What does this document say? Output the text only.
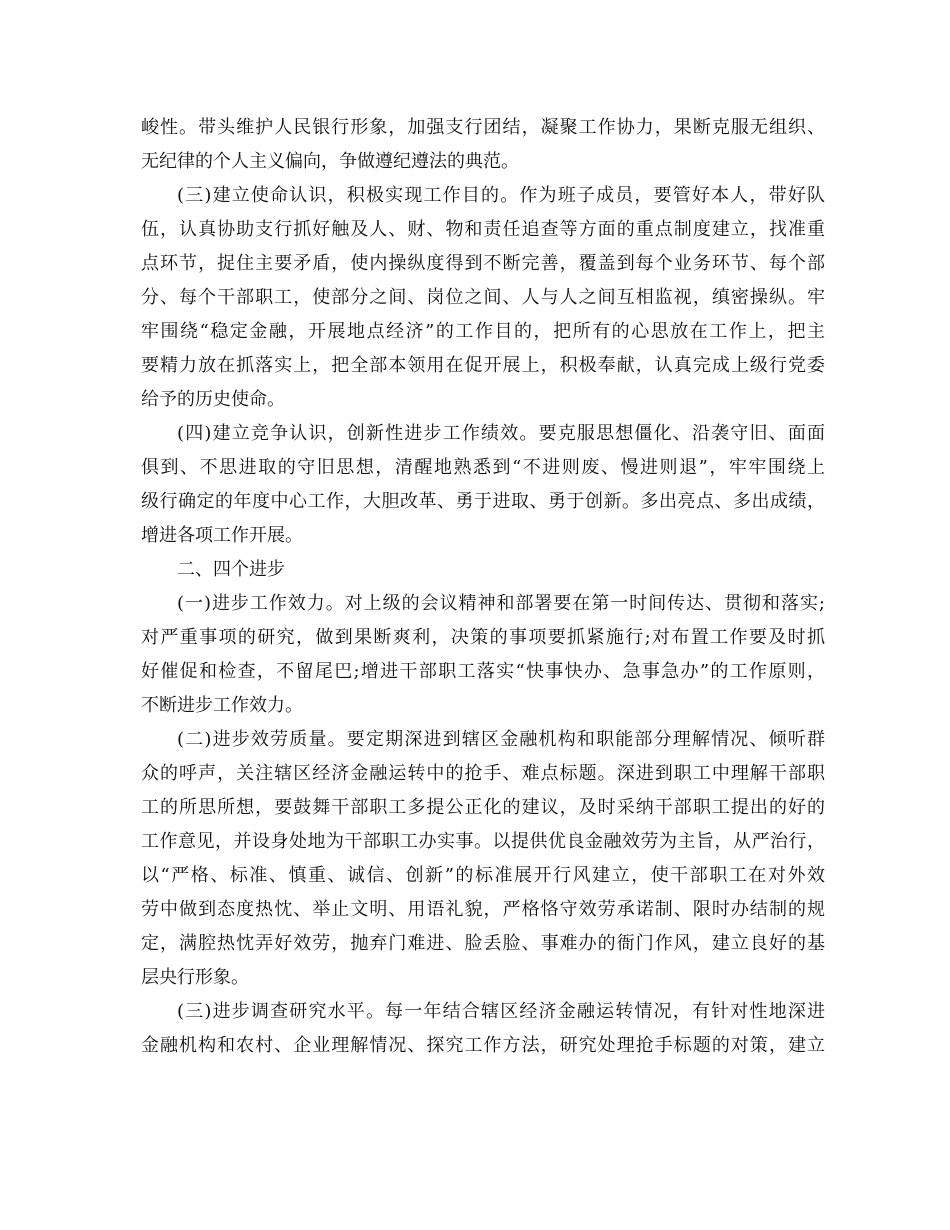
峻性。带头维护人民银行形象，加强支行团结，凝聚工作协力，果断克服无组织、
无纪律的个人主义偏向，争做遵纪遵法的典范。
(三)建立使命认识，积极实现工作目的。作为班子成员，要管好本人，带好队
伍，认真协助支行抓好触及人、财、物和责任追查等方面的重点制度建立，找准重
点环节，捉住主要矛盾，使内操纵度得到不断完善，覆盖到每个业务环节、每个部
分、每个干部职工，使部分之间、岗位之间、人与人之间互相监视，缜密操纵。牢
牢围绕“稳定金融，开展地点经济”的工作目的，把所有的心思放在工作上，把主
要精力放在抓落实上，把全部本领用在促开展上，积极奉献，认真完成上级行党委
给予的历史使命。
(四)建立竞争认识，创新性进步工作绩效。要克服思想僵化、沿袭守旧、面面
俱到、不思进取的守旧思想，清醒地熟悉到“不进则废、慢进则退”，牢牢围绕上
级行确定的年度中心工作，大胆改革、勇于进取、勇于创新。多出亮点、多出成绩，
增进各项工作开展。
二、四个进步
(一)进步工作效力。对上级的会议精神和部署要在第一时间传达、贯彻和落实;
对严重事项的研究，做到果断爽利，决策的事项要抓紧施行;对布置工作要及时抓
好催促和检查，不留尾巴;增进干部职工落实“快事快办、急事急办”的工作原则，
不断进步工作效力。
(二)进步效劳质量。要定期深进到辖区金融机构和职能部分理解情况、倾听群
众的呼声，关注辖区经济金融运转中的抢手、难点标题。深进到职工中理解干部职
工的所思所想，要鼓舞干部职工多提公正化的建议，及时采纳干部职工提出的好的
工作意见，并设身处地为干部职工办实事。以提供优良金融效劳为主旨，从严治行，
以“严格、标准、慎重、诚信、创新”的标准展开行风建立，使干部职工在对外效
劳中做到态度热忱、举止文明、用语礼貌，严格恪守效劳承诺制、限时办结制的规
定，满腔热忱弄好效劳，抛弃门难进、脸丢脸、事难办的衙门作风，建立良好的基
层央行形象。
(三)进步调查研究水平。每一年结合辖区经济金融运转情况，有针对性地深进
金融机构和农村、企业理解情况、探究工作方法，研究处理抢手标题的对策，建立
